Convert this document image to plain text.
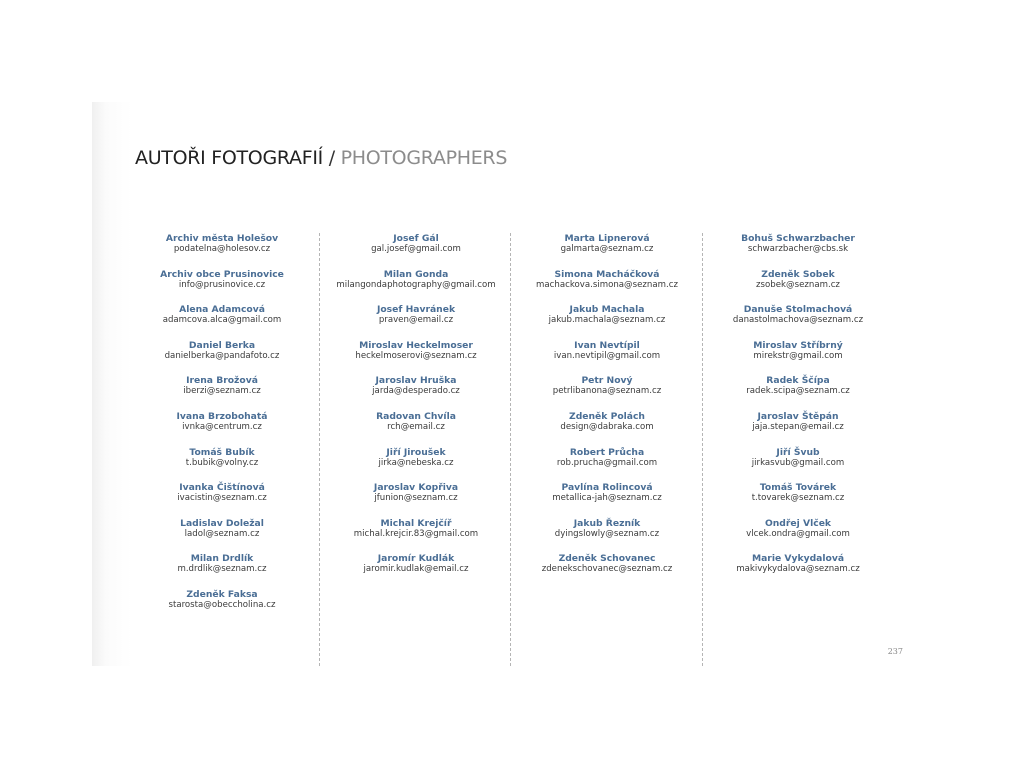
AUTOŘI FOTOGRAFIÍ / PHOTOGRAPHERS
Archiv města Holešov
podatelna@holesov.cz
Archiv obce Prusinovice
info@prusinovice.cz
Alena Adamcová
adamcova.alca@gmail.com
Daniel Berka
danielberka@pandafoto.cz
Irena Brožová
iberzi@seznam.cz
Ivana Brzobohatá
ivnka@centrum.cz
Tomáš Bubík
t.bubik@volny.cz
Ivanka Čištínová
ivacistin@seznam.cz
Ladislav Doležal
ladol@seznam.cz
Milan Drdlík
m.drdlik@seznam.cz
Zdeněk Faksa
starosta@obeccholina.cz
Josef Gál
gal.josef@gmail.com
Milan Gonda
milangondaphotography@gmail.com
Josef Havránek
praven@email.cz
Miroslav Heckelmoser
heckelmoserovi@seznam.cz
Jaroslav Hruška
jarda@desperado.cz
Radovan Chvíla
rch@email.cz
Jiří Jiroušek
jirka@nebeska.cz
Jaroslav Kopřiva
jfunion@seznam.cz
Michal Krejčíř
michal.krejcir.83@gmail.com
Jaromír Kudlák
jaromir.kudlak@email.cz
Marta Lipnerová
galmarta@seznam.cz
Simona Macháčková
machackova.simona@seznam.cz
Jakub Machala
jakub.machala@seznam.cz
Ivan Nevtípil
ivan.nevtipil@gmail.com
Petr Nový
petrlibanona@seznam.cz
Zdeněk Polách
design@dabraka.com
Robert Průcha
rob.prucha@gmail.com
Pavlína Rolincová
metallica-jah@seznam.cz
Jakub Řezník
dyingslowly@seznam.cz
Zdeněk Schovanec
zdenekschovanec@seznam.cz
Bohuš Schwarzbacher
schwarzbacher@cbs.sk
Zdeněk Sobek
zsobek@seznam.cz
Danuše Stolmachová
danastolmachova@seznam.cz
Miroslav Stříbrný
mirekstr@gmail.com
Radek Ščípa
radek.scipa@seznam.cz
Jaroslav Štěpán
jaja.stepan@email.cz
Jiří Švub
jirkasvub@gmail.com
Tomáš Továrek
t.tovarek@seznam.cz
Ondřej Vlček
vlcek.ondra@gmail.com
Marie Vykydalová
makivykydalova@seznam.cz
237
